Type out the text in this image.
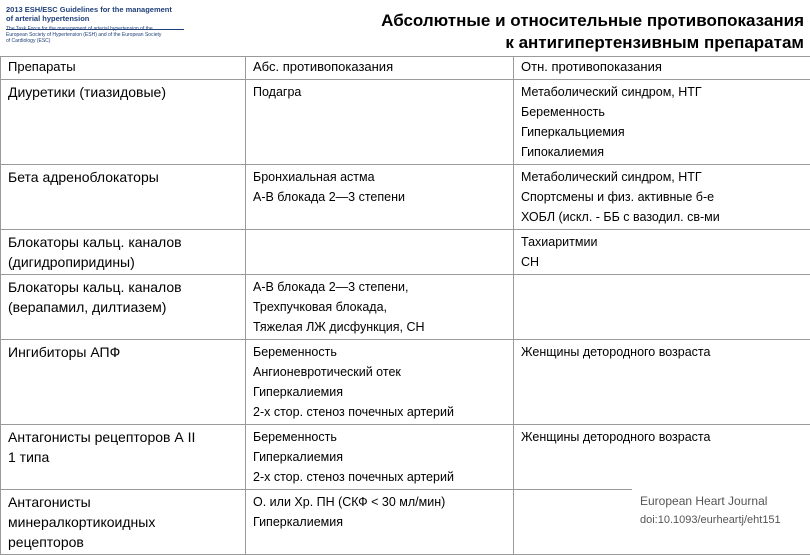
2013 ESH/ESC Guidelines for the management
of arterial hypertension
European Society of Hypertension (ESH) and of the European Society
of Cardiology (ESC)
Абсолютные и относительные противопоказания
к антигипертензивным препаратам
Препараты	Абс. противопоказания	Отн. противопоказания

Диуретики (тиазидовые)	Подагра	Метаболический синдром, НТГ
Беременность
Гиперкальциемия
Гипокалиемия

Бета адреноблокаторы	Бронхиальная астма
А-В блокада 2—3 степени	Метаболический синдром, НТГ
Спортсмены и физ. активные б-е
ХОБЛ (искл. - ББ с вазодил. св-ми

Блокаторы кальц. каналов
(дигидропиридины)		Тахиаритмии
СН

Блокаторы кальц. каналов
(верапамил, дилтиазем)	А-В блокада 2—3 степени,
Трехпучковая блокада,
Тяжелая ЛЖ дисфункция, СН	

Ингибиторы АПФ	Беременность
Ангионевротический отек
Гиперкалиемия
2-х стор. стеноз почечных артерий	Женщины детородного возраста

Антагонисты рецепторов А II
1 типа	Беременность
Гиперкалиемия
2-х стор. стеноз почечных артерий	Женщины детородного возраста

Антагонисты
минералкортикоидных
рецепторов	О. или Хр. ПН (СКФ < 30 мл/мин)
Гиперкалиемия	

European Heart Journal
doi:10.1093/eurheartj/eht151
